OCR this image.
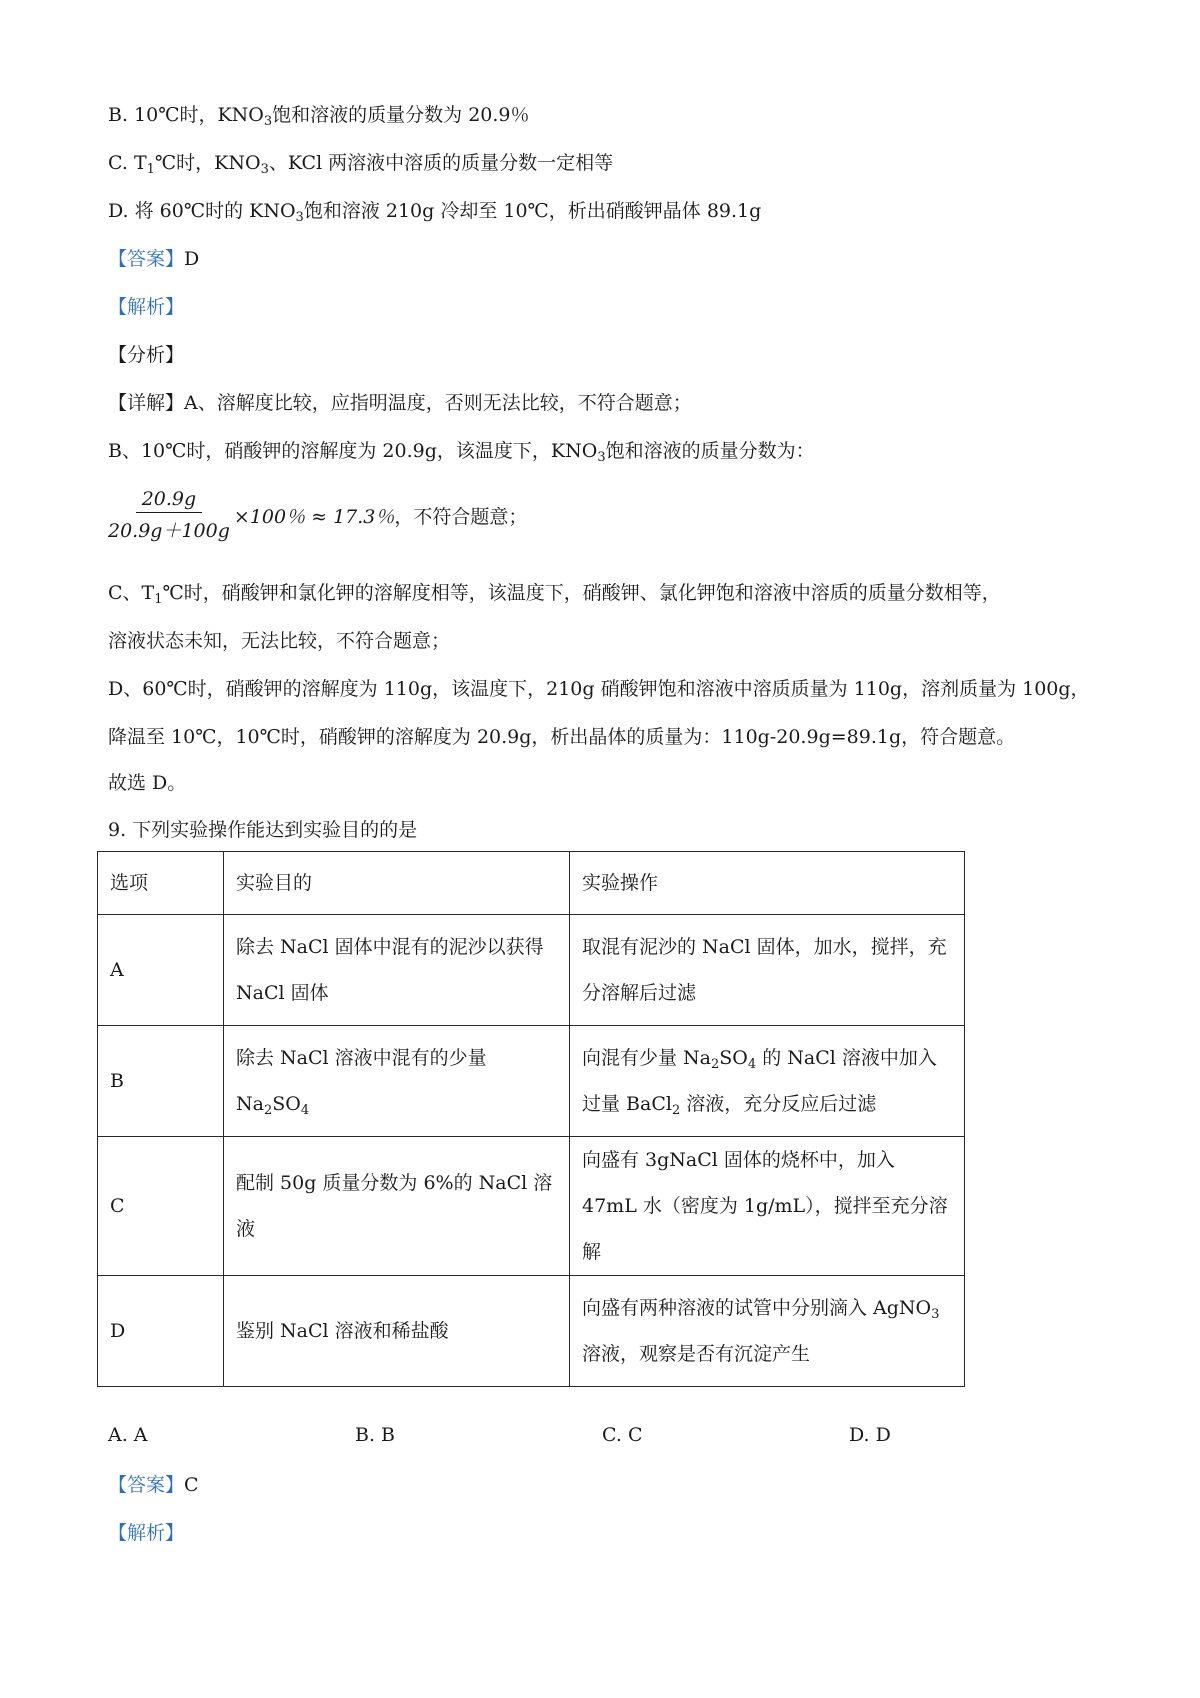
B. 10℃时，$KNO_3$饱和溶液的质量分数为 20.9％
C. $T_1℃$时，$KNO_3$、KCl 两溶液中溶质的质量分数一定相等
D. 将 60℃时的 $KNO_3$饱和溶液 210g 冷却至 10℃，析出硝酸钾晶体 89.1g
【答案】D
【解析】
【分析】
【详解】A、溶解度比较，应指明温度，否则无法比较，不符合题意；
B、10℃时，硝酸钾的溶解度为 20.9g，该温度下，$KNO_3$饱和溶液的质量分数为：
$\frac{20.9g}{20.9g+100g} \times 100$％ ≈ 17.3％ ，不符合题意；
C、$T_1℃$时，硝酸钾和氯化钾的溶解度相等，该温度下，硝酸钾、氯化钾饱和溶液中溶质的质量分数相等，
溶液状态未知，无法比较，不符合题意；
D、60℃时，硝酸钾的溶解度为 110g，该温度下，210g 硝酸钾饱和溶液中溶质质量为 110g，溶剂质量为 100g，
降温至 10℃，10℃时，硝酸钾的溶解度为 20.9g，析出晶体的质量为：110g-20.9g=89.1g，符合题意。
故选 D。
9. 下列实验操作能达到实验目的的是
选项	实验目的	实验操作
A	除去 NaCl 固体中混有的泥沙以获得 NaCl 固体	取混有泥沙的 NaCl 固体，加水，搅拌，充分溶解后过滤

B	除去 NaCl 溶液中混有的少量 $Na_2SO_4$	向混有少量 $Na_2SO_4$ 的 NaCl 溶液中加入过量 BaCl$_2$ 溶液，充分反应后过滤

C	配制 50g 质量分数为 6%的 NaCl 溶液	向盛有 3gNaCl 固体的烧杯中，加入 47mL 水（密度为 1g/mL），搅拌至充分溶解

D	鉴别 NaCl 溶液和稀盐酸	向盛有两种溶液的试管中分别滴入 AgNO$_3$ 溶液，观察是否有沉淀产生
A. A	B. B	C. C	D. D
【答案】C
【解析】
